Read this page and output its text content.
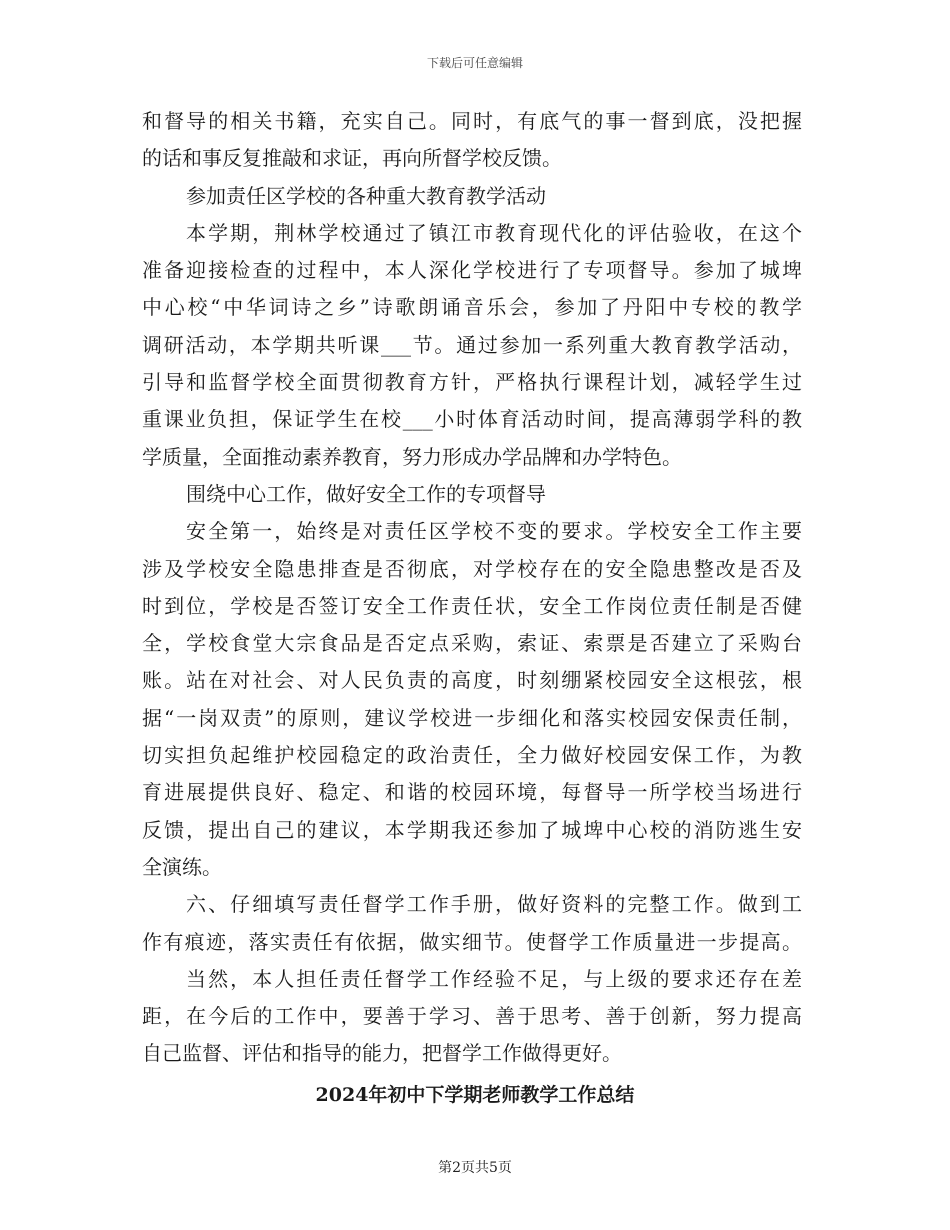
下载后可任意编辑
和督导的相关书籍，充实自己。同时，有底气的事一督到底，没把握
的话和事反复推敲和求证，再向所督学校反馈。
参加责任区学校的各种重大教育教学活动
本学期，荆林学校通过了镇江市教育现代化的评估验收，在这个
准备迎接检查的过程中，本人深化学校进行了专项督导。参加了城埤
中心校“中华词诗之乡”诗歌朗诵音乐会，参加了丹阳中专校的教学
调研活动，本学期共听课___节。通过参加一系列重大教育教学活动，
引导和监督学校全面贯彻教育方针，严格执行课程计划，减轻学生过
重课业负担，保证学生在校___小时体育活动时间，提高薄弱学科的教
学质量，全面推动素养教育，努力形成办学品牌和办学特色。
围绕中心工作，做好安全工作的专项督导
安全第一，始终是对责任区学校不变的要求。学校安全工作主要
涉及学校安全隐患排查是否彻底，对学校存在的安全隐患整改是否及
时到位，学校是否签订安全工作责任状，安全工作岗位责任制是否健
全，学校食堂大宗食品是否定点采购，索证、索票是否建立了采购台
账。站在对社会、对人民负责的高度，时刻绷紧校园安全这根弦，根
据“一岗双责”的原则，建议学校进一步细化和落实校园安保责任制，
切实担负起维护校园稳定的政治责任，全力做好校园安保工作，为教
育进展提供良好、稳定、和谐的校园环境，每督导一所学校当场进行
反馈，提出自己的建议，本学期我还参加了城埤中心校的消防逃生安
全演练。
六、仔细填写责任督学工作手册，做好资料的完整工作。做到工
作有痕迹，落实责任有依据，做实细节。使督学工作质量进一步提高。
当然，本人担任责任督学工作经验不足，与上级的要求还存在差
距，在今后的工作中，要善于学习、善于思考、善于创新，努力提高
自己监督、评估和指导的能力，把督学工作做得更好。
2024年初中下学期老师教学工作总结
第2页共5页
